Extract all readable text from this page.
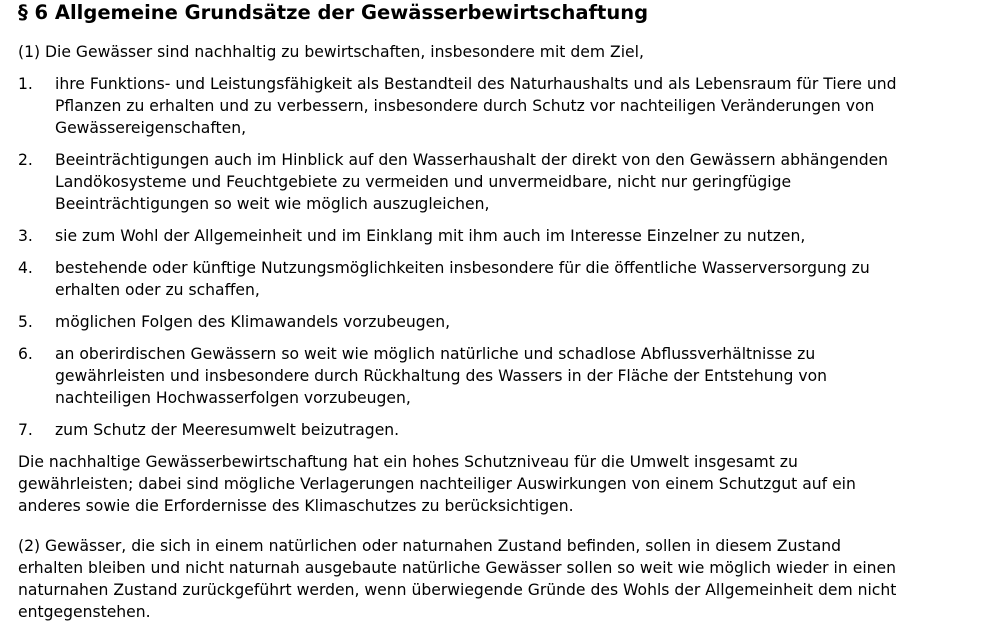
§ 6 Allgemeine Grundsätze der Gewässerbewirtschaftung

(1) Die Gewässer sind nachhaltig zu bewirtschaften, insbesondere mit dem Ziel,

1.	ihre Funktions- und Leistungsfähigkeit als Bestandteil des Naturhaushalts und als Lebensraum für Tiere und
Pflanzen zu erhalten und zu verbessern, insbesondere durch Schutz vor nachteiligen Veränderungen von
Gewässereigenschaften,
2.	Beeinträchtigungen auch im Hinblick auf den Wasserhaushalt der direkt von den Gewässern abhängenden
Landökosysteme und Feuchtgebiete zu vermeiden und unvermeidbare, nicht nur geringfügige
Beeinträchtigungen so weit wie möglich auszugleichen,
3.	sie zum Wohl der Allgemeinheit und im Einklang mit ihm auch im Interesse Einzelner zu nutzen,
4.	bestehende oder künftige Nutzungsmöglichkeiten insbesondere für die öffentliche Wasserversorgung zu
erhalten oder zu schaffen,
5.	möglichen Folgen des Klimawandels vorzubeugen,
6.	an oberirdischen Gewässern so weit wie möglich natürliche und schadlose Abflussverhältnisse zu
gewährleisten und insbesondere durch Rückhaltung des Wassers in der Fläche der Entstehung von
nachteiligen Hochwasserfolgen vorzubeugen,
7.	zum Schutz der Meeresumwelt beizutragen.

Die nachhaltige Gewässerbewirtschaftung hat ein hohes Schutzniveau für die Umwelt insgesamt zu
gewährleisten; dabei sind mögliche Verlagerungen nachteiliger Auswirkungen von einem Schutzgut auf ein
anderes sowie die Erfordernisse des Klimaschutzes zu berücksichtigen.

(2) Gewässer, die sich in einem natürlichen oder naturnahen Zustand befinden, sollen in diesem Zustand
erhalten bleiben und nicht naturnah ausgebaute natürliche Gewässer sollen so weit wie möglich wieder in einen
naturnahen Zustand zurückgeführt werden, wenn überwiegende Gründe des Wohls der Allgemeinheit dem nicht
entgegenstehen.
